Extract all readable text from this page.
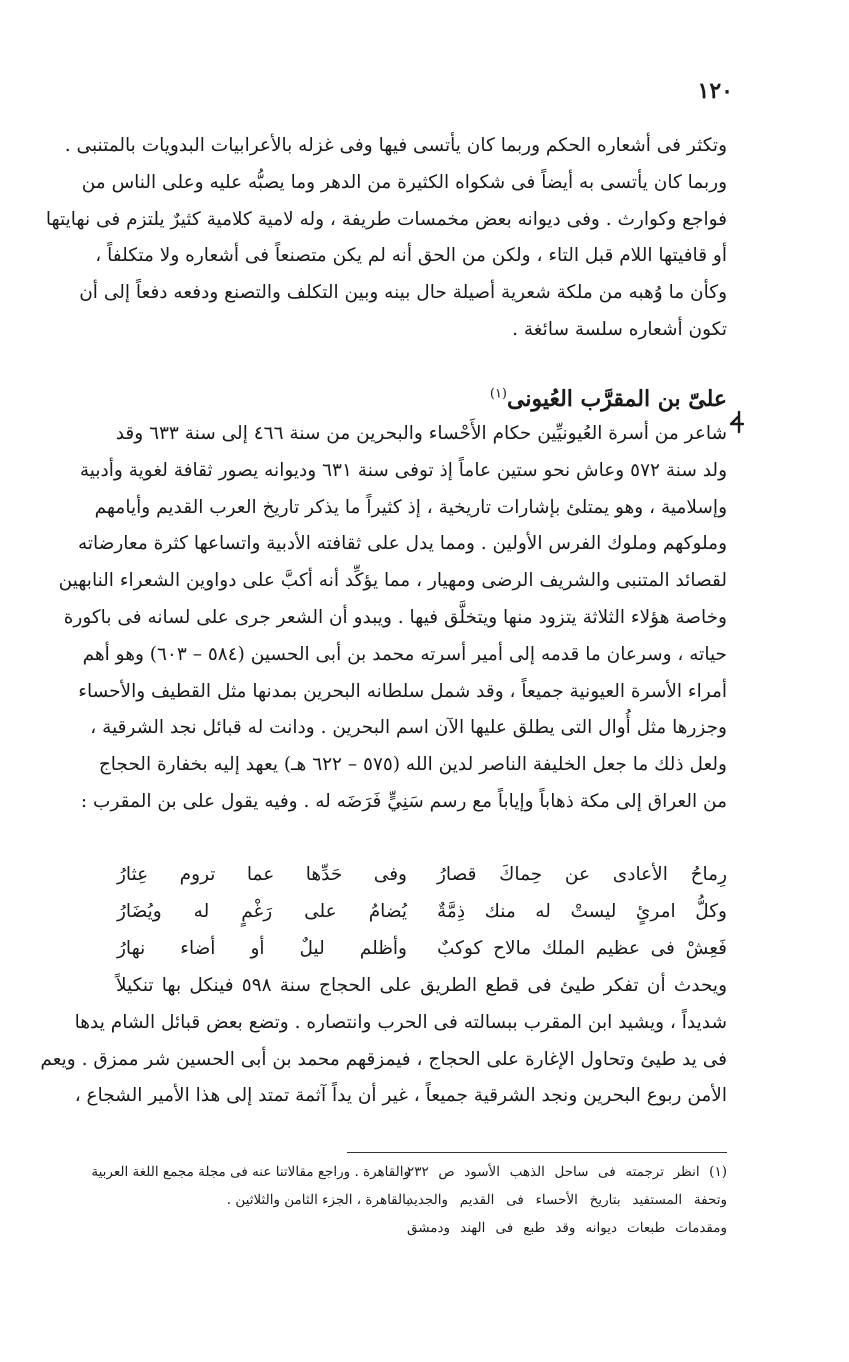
١٢٠
وتكثر فى أشعاره الحكم وربما كان يأتسى فيها وفى غزله بالأعرابيات البدويات بالمتنبى .
وربما كان يأتسى به أيضاً فى شكواه الكثيرة من الدهر وما يصبُّه عليه وعلى الناس من
فواجع وكوارث . وفى ديوانه بعض مخمسات طريفة ، وله لامية كلامية كثيرٌ يلتزم فى نهايتها
أو قافيتها اللام قبل التاء ، ولكن من الحق أنه لم يكن متصنعاً فى أشعاره ولا متكلفاً ،
وكأن ما وُهبه من ملكة شعرية أصيلة حال بينه وبين التكلف والتصنع ودفعه دفعاً إلى أن
تكون أشعاره سلسة سائغة .
علىّ بن المقرَّب العُيونى$^{(١)}$
شاعر من أسرة العُيونيِّين حكام الأَحْساء والبحرين من سنة ٤٦٦ إلى سنة ٦٣٣ وقد
ولد سنة ٥٧٢ وعاش نحو ستين عاماً إذ توفى سنة ٦٣١ وديوانه يصور ثقافة لغوية وأدبية
وإسلامية ، وهو يمتلئ بإشارات تاريخية ، إذ كثيراً ما يذكر تاريخ العرب القديم وأيامهم
وملوكهم وملوك الفرس الأولين . ومما يدل على ثقافته الأدبية واتساعها كثرة معارضاته
لقصائد المتنبى والشريف الرضى ومهيار ، مما يؤكِّد أنه أكبَّ على دواوين الشعراء النابهين
وخاصة هؤلاء الثلاثة يتزود منها ويتخلَّق فيها . ويبدو أن الشعر جرى على لسانه فى باكورة
حياته ، وسرعان ما قدمه إلى أمير أسرته محمد بن أبى الحسين (٥٨٤ – ٦٠٣) وهو أهم
أمراء الأسرة العيونية جميعاً ، وقد شمل سلطانه البحرين بمدنها مثل القطيف والأحساء
وجزرها مثل أُوال التى يطلق عليها الآن اسم البحرين . ودانت له قبائل نجد الشرقية ،
ولعل ذلك ما جعل الخليفة الناصر لدين الله (٥٧٥ – ٦٢٢ هـ) يعهد إليه بخفارة الحجاج
من العراق إلى مكة ذهاباً وإياباً مع رسم سَنِيٍّ فَرَضَه له . وفيه يقول على بن المقرب :
رِماحُ الأعادى عن حِماكَ قصارُ
وفى حَدِّها عما تروم عِثارُ
وكلُّ امرئٍ ليستْ له منك ذِمَّةٌ
يُضامُ على رَغْمٍ له ويُضَارُ
فَعِشْ فى عظيم الملك مالاح كوكبٌ
وأظلم ليلٌ أو أضاء نهارُ
ويحدث أن تفكر طيئ فى قطع الطريق على الحجاج سنة ٥٩٨ فينكل بها تنكيلاً
شديداً ، ويشيد ابن المقرب ببسالته فى الحرب وانتصاره . وتضع بعض قبائل الشام يدها
فى يد طيئ وتحاول الإغارة على الحجاج ، فيمزقهم محمد بن أبى الحسين شر ممزق . ويعم
الأمن ربوع البحرين ونجد الشرقية جميعاً ، غير أن يداً آثمة تمتد إلى هذا الأمير الشجاع ،
(١) انظر ترجمته فى ساحل الذهب الأسود ص ٢٣٢
وتحفة المستفيد بتاريخ الأحساء فى القديم والجديد
ومقدمات طبعات ديوانه وقد طبع فى الهند ودمشق
والقاهرة . وراجع مقالاتنا عنه فى مجلة مجمع اللغة العربية
بالقاهرة ، الجزء الثامن والثلاثين .
